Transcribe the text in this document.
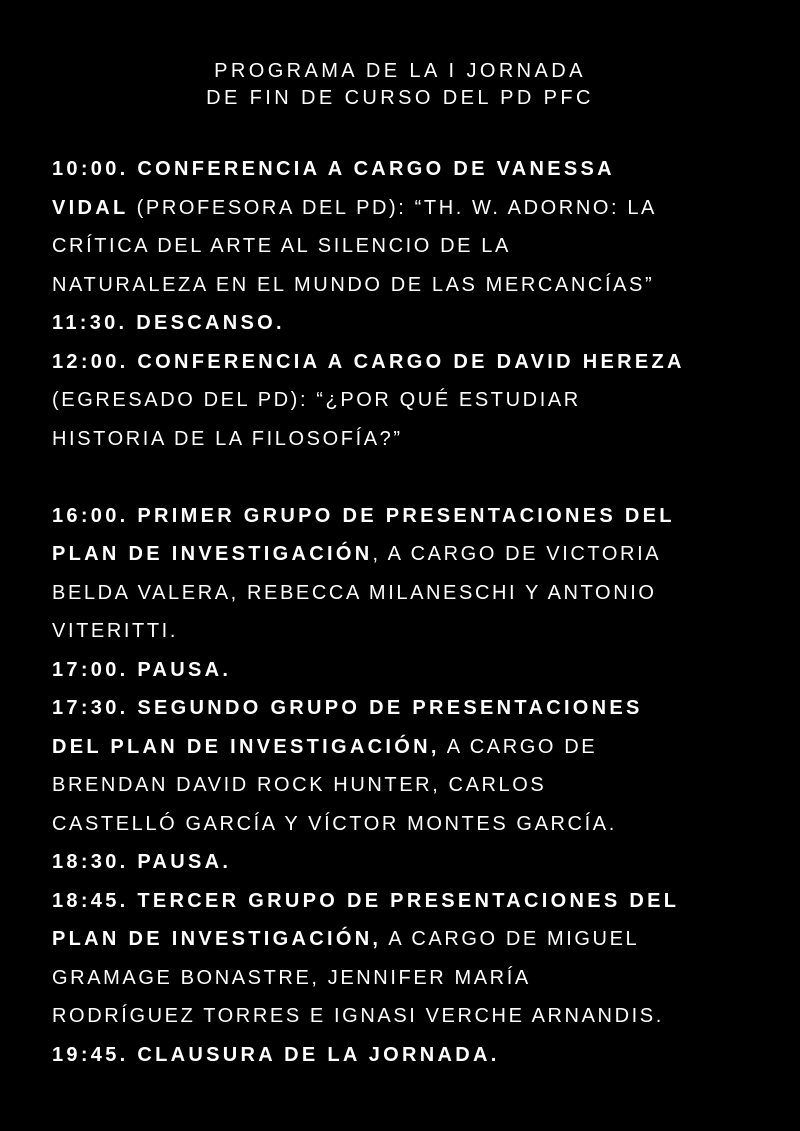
PROGRAMA DE LA I JORNADA
DE FIN DE CURSO DEL PD PFC
10:00. CONFERENCIA A CARGO DE VANESSA
VIDAL (PROFESORA DEL PD): “TH. W. ADORNO: LA
CRÍTICA DEL ARTE AL SILENCIO DE LA
NATURALEZA EN EL MUNDO DE LAS MERCANCÍAS”
11:30. DESCANSO.
12:00. CONFERENCIA A CARGO DE DAVID HEREZA
(EGRESADO DEL PD): “¿POR QUÉ ESTUDIAR
HISTORIA DE LA FILOSOFÍA?”
16:00. PRIMER GRUPO DE PRESENTACIONES DEL
PLAN DE INVESTIGACIÓN, A CARGO DE VICTORIA
BELDA VALERA, REBECCA MILANESCHI Y ANTONIO
VITERITTI.
17:00. PAUSA.
17:30. SEGUNDO GRUPO DE PRESENTACIONES
DEL PLAN DE INVESTIGACIÓN, A CARGO DE
BRENDAN DAVID ROCK HUNTER, CARLOS
CASTELLÓ GARCÍA Y VÍCTOR MONTES GARCÍA.
18:30. PAUSA.
18:45. TERCER GRUPO DE PRESENTACIONES DEL
PLAN DE INVESTIGACIÓN, A CARGO DE MIGUEL
GRAMAGE BONASTRE, JENNIFER MARÍA
RODRÍGUEZ TORRES E IGNASI VERCHE ARNANDIS.
19:45. CLAUSURA DE LA JORNADA.
